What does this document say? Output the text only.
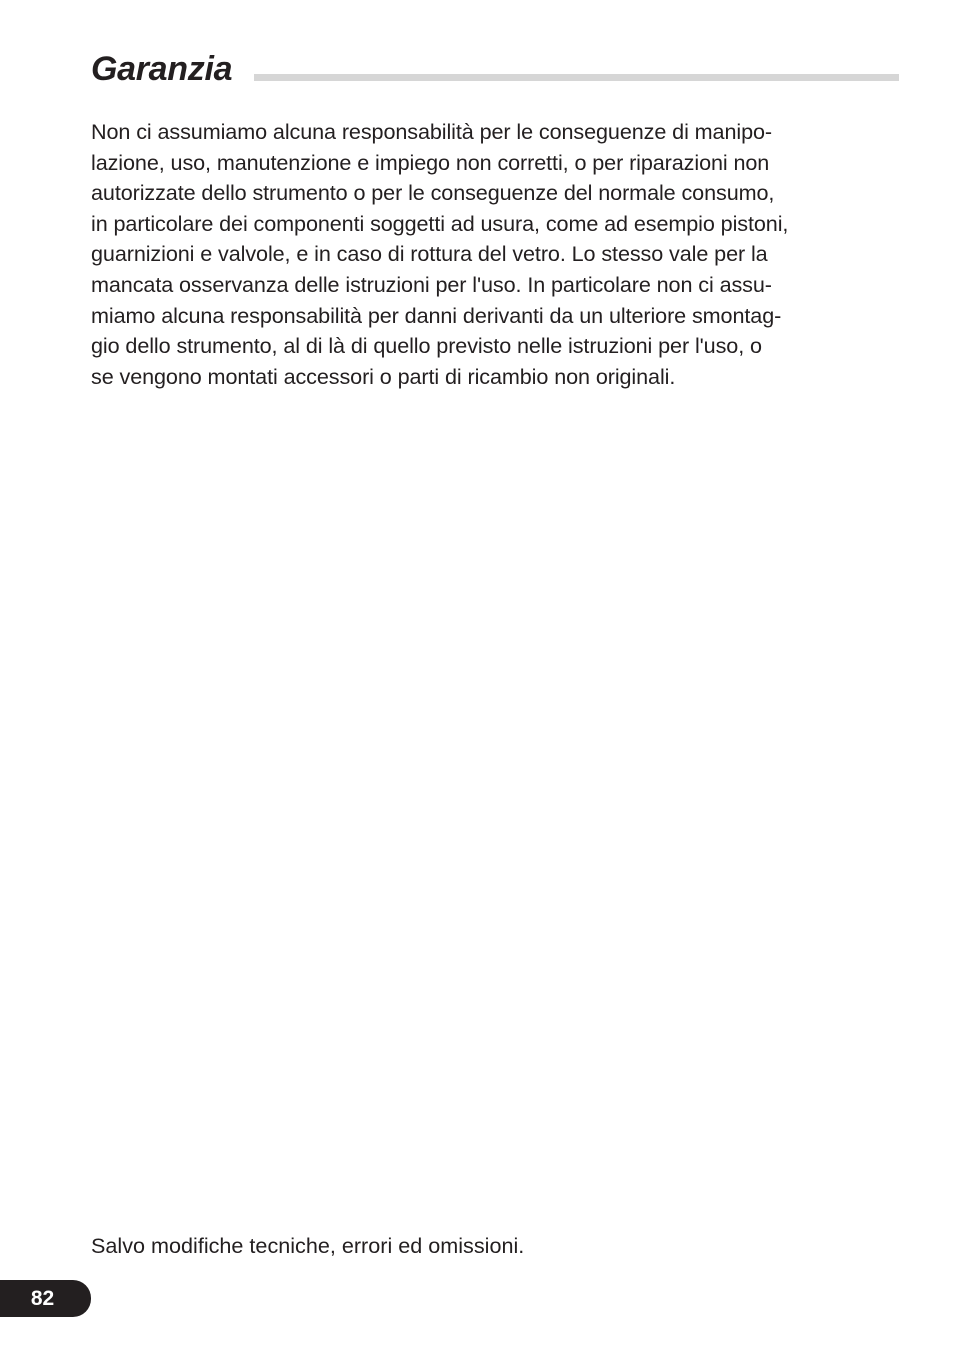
Garanzia

Non ci assumiamo alcuna responsabilità per le conseguenze di manipo-
lazione, uso, manutenzione e impiego non corretti, o per riparazioni non
autorizzate dello strumento o per le conseguenze del normale consumo,
in particolare dei componenti soggetti ad usura, come ad esempio pistoni,
guarnizioni e valvole, e in caso di rottura del vetro. Lo stesso vale per la
mancata osservanza delle istruzioni per l'uso. In particolare non ci assu-
miamo alcuna responsabilità per danni derivanti da un ulteriore smontag-
gio dello strumento, al di là di quello previsto nelle istruzioni per l'uso, o
se vengono montati accessori o parti di ricambio non originali.

Salvo modifiche tecniche, errori ed omissioni.

82
